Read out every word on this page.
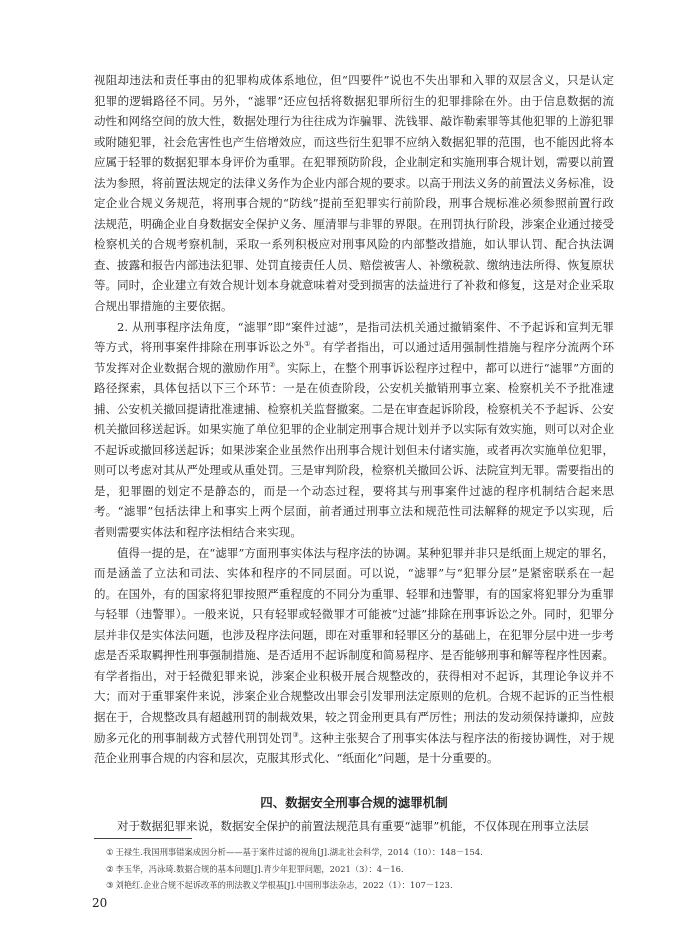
视阻却违法和责任事由的犯罪构成体系地位，但“四要件”说也不失出罪和入罪的双层含义，只是认定犯罪的逻辑路径不同。另外，“滤罪”还应包括将数据犯罪所衍生的犯罪排除在外。由于信息数据的流动性和网络空间的放大性，数据处理行为往往成为诈骗罪、洗钱罪、敲诈勒索罪等其他犯罪的上游犯罪或附随犯罪，社会危害性也产生倍增效应，而这些衍生犯罪不应纳入数据犯罪的范围，也不能因此将本应属于轻罪的数据犯罪本身评价为重罪。在犯罪预防阶段，企业制定和实施刑事合规计划，需要以前置法为参照，将前置法规定的法律义务作为企业内部合规的要求。以高于刑法义务的前置法义务标准，设定企业合规义务规范，将刑事合规的“防线”提前至犯罪实行前阶段，刑事合规标准必须参照前置行政法规范，明确企业自身数据安全保护义务、厘清罪与非罪的界限。在刑罚执行阶段，涉案企业通过接受检察机关的合规考察机制，采取一系列积极应对刑事风险的内部整改措施，如认罪认罚、配合执法调查、披露和报告内部违法犯罪、处罚直接责任人员、赔偿被害人、补缴税款、缴纳违法所得、恢复原状等。同时，企业建立有效合规计划本身就意味着对受到损害的法益进行了补救和修复，这是对企业采取合规出罪措施的主要依据。

2. 从刑事程序法角度，“滤罪”即“案件过滤”，是指司法机关通过撤销案件、不予起诉和宣判无罪等方式，将刑事案件排除在刑事诉讼之外①。有学者指出，可以通过适用强制性措施与程序分流两个环节发挥对企业数据合规的激励作用②。实际上，在整个刑事诉讼程序过程中，都可以进行“滤罪”方面的路径探索，具体包括以下三个环节：一是在侦查阶段，公安机关撤销刑事立案、检察机关不予批准逮捕、公安机关撤回提请批准逮捕、检察机关监督撤案。二是在审查起诉阶段，检察机关不予起诉、公安机关撤回移送起诉。如果实施了单位犯罪的企业制定刑事合规计划并予以实际有效实施，则可以对企业不起诉或撤回移送起诉；如果涉案企业虽然作出刑事合规计划但未付诸实施，或者再次实施单位犯罪，则可以考虑对其从严处理或从重处罚。三是审判阶段，检察机关撤回公诉、法院宣判无罪。需要指出的是，犯罪圈的划定不是静态的，而是一个动态过程，要将其与刑事案件过滤的程序机制结合起来思考。“滤罪”包括法律上和事实上两个层面，前者通过刑事立法和规范性司法解释的规定予以实现，后者则需要实体法和程序法相结合来实现。

值得一提的是，在“滤罪”方面刑事实体法与程序法的协调。某种犯罪并非只是纸面上规定的罪名，而是涵盖了立法和司法、实体和程序的不同层面。可以说，“滤罪”与“犯罪分层”是紧密联系在一起的。在国外，有的国家将犯罪按照严重程度的不同分为重罪、轻罪和违警罪，有的国家将犯罪分为重罪与轻罪（违警罪）。一般来说，只有轻罪或轻微罪才可能被“过滤”排除在刑事诉讼之外。同时，犯罪分层并非仅是实体法问题，也涉及程序法问题，即在对重罪和轻罪区分的基础上，在犯罪分层中进一步考虑是否采取羁押性刑事强制措施、是否适用不起诉制度和简易程序、是否能够刑事和解等程序性因素。有学者指出，对于轻微犯罪来说，涉案企业积极开展合规整改的，获得相对不起诉，其理论争议并不大；而对于重罪案件来说，涉案企业合规整改出罪会引发罪刑法定原则的危机。合规不起诉的正当性根据在于，合规整改具有超越刑罚的制裁效果，较之罚金刑更具有严厉性；刑法的发动须保持谦抑，应鼓励多元化的刑事制裁方式替代刑罚处罚③。这种主张契合了刑事实体法与程序法的衔接协调性，对于规范企业刑事合规的内容和层次，克服其形式化、“纸面化”问题，是十分重要的。

四、数据安全刑事合规的滤罪机制
对于数据犯罪来说，数据安全保护的前置法规范具有重要“滤罪”机能，不仅体现在刑事立法层
① 王禄生.我国刑事错案成因分析——基于案件过滤的视角[J].湖北社会科学，2014（10）：148－154.
② 李玉华，冯泳琦.数据合规的基本问题[J].青少年犯罪问题，2021（3）：4－16.
③ 刘艳红.企业合规不起诉改革的刑法教义学根基[J].中国刑事法杂志，2022（1）：107－123.
20
